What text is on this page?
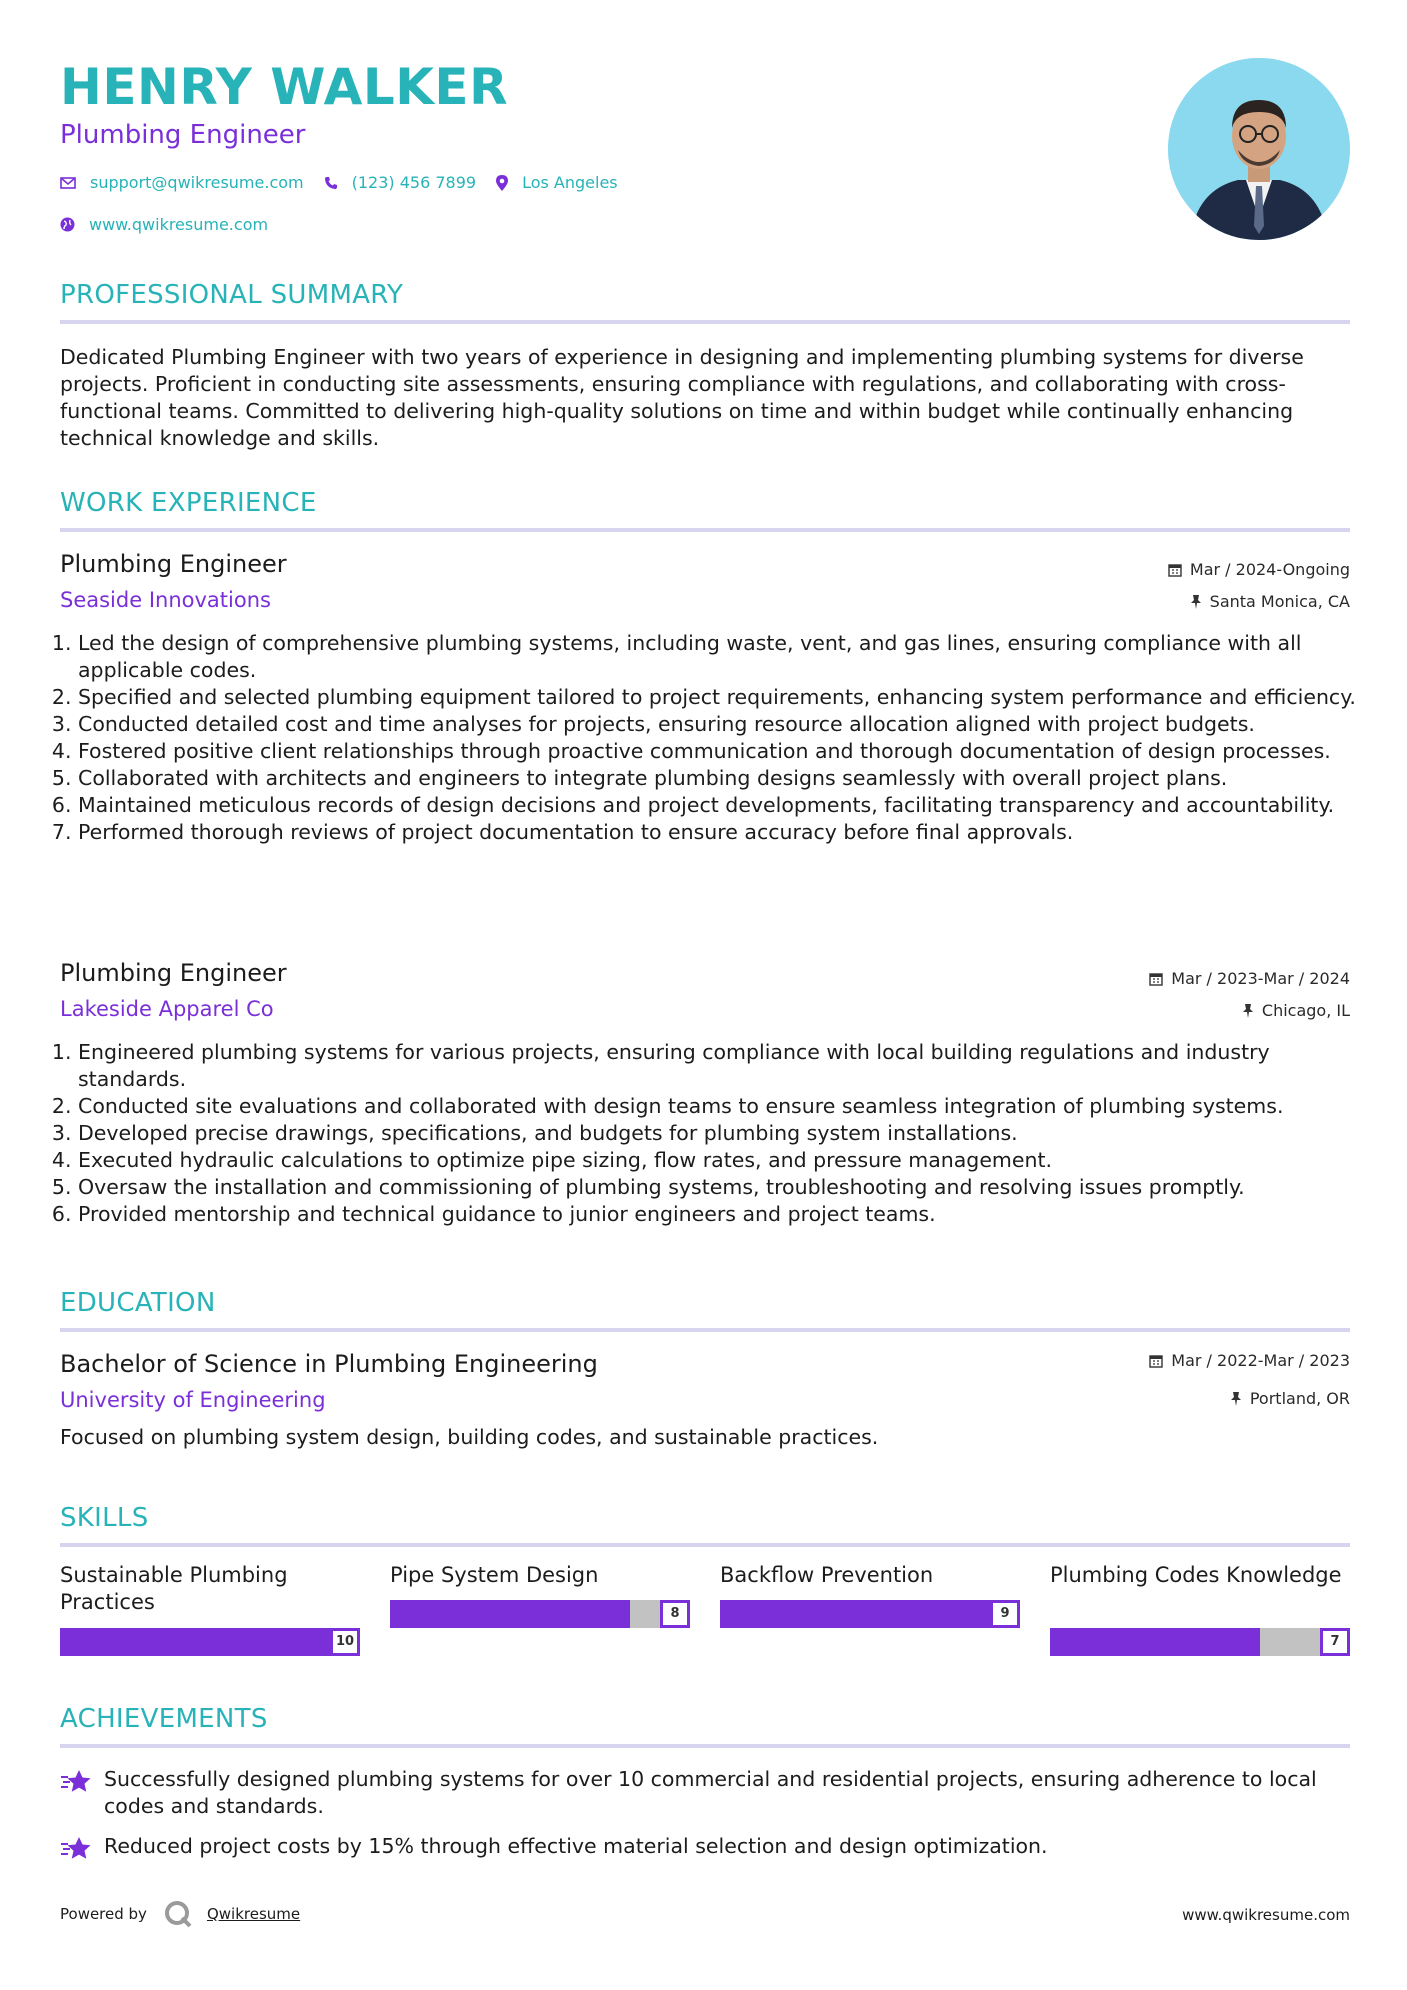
HENRY WALKER
Plumbing Engineer
support@qwikresume.com	(123) 456 7899	Los Angeles
www.qwikresume.com
PROFESSIONAL SUMMARY
Dedicated Plumbing Engineer with two years of experience in designing and implementing plumbing systems for diverse projects. Proficient in conducting site assessments, ensuring compliance with regulations, and collaborating with cross-functional teams. Committed to delivering high-quality solutions on time and within budget while continually enhancing technical knowledge and skills.
WORK EXPERIENCE
Plumbing Engineer	Mar / 2024-Ongoing
Seaside Innovations	Santa Monica, CA
1. Led the design of comprehensive plumbing systems, including waste, vent, and gas lines, ensuring compliance with all applicable codes.
2. Specified and selected plumbing equipment tailored to project requirements, enhancing system performance and efficiency.
3. Conducted detailed cost and time analyses for projects, ensuring resource allocation aligned with project budgets.
4. Fostered positive client relationships through proactive communication and thorough documentation of design processes.
5. Collaborated with architects and engineers to integrate plumbing designs seamlessly with overall project plans.
6. Maintained meticulous records of design decisions and project developments, facilitating transparency and accountability.
7. Performed thorough reviews of project documentation to ensure accuracy before final approvals.
Plumbing Engineer	Mar / 2023-Mar / 2024
Lakeside Apparel Co	Chicago, IL
1. Engineered plumbing systems for various projects, ensuring compliance with local building regulations and industry standards.
2. Conducted site evaluations and collaborated with design teams to ensure seamless integration of plumbing systems.
3. Developed precise drawings, specifications, and budgets for plumbing system installations.
4. Executed hydraulic calculations to optimize pipe sizing, flow rates, and pressure management.
5. Oversaw the installation and commissioning of plumbing systems, troubleshooting and resolving issues promptly.
6. Provided mentorship and technical guidance to junior engineers and project teams.
EDUCATION
Bachelor of Science in Plumbing Engineering	Mar / 2022-Mar / 2023
University of Engineering	Portland, OR
Focused on plumbing system design, building codes, and sustainable practices.
SKILLS
Sustainable Plumbing Practices
10
Pipe System Design
8
Backflow Prevention
9
Plumbing Codes Knowledge
7
ACHIEVEMENTS
Successfully designed plumbing systems for over 10 commercial and residential projects, ensuring adherence to local codes and standards.
Reduced project costs by 15% through effective material selection and design optimization.
Powered by	Qwikresume	www.qwikresume.com
